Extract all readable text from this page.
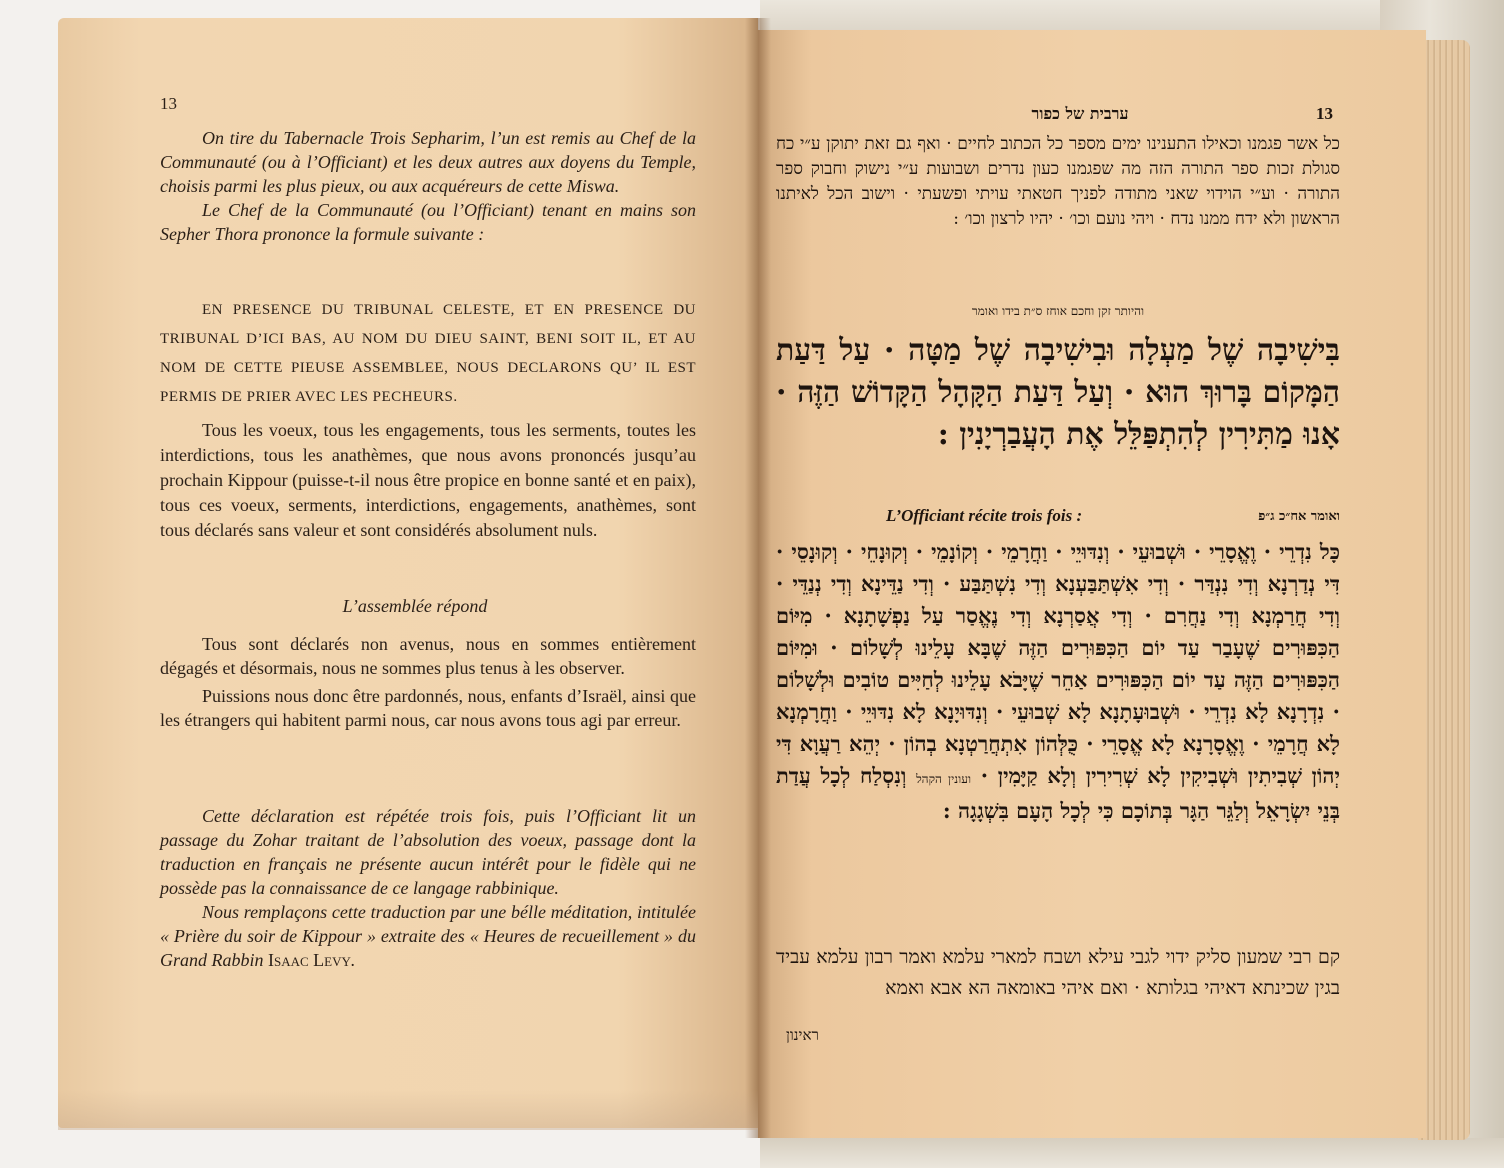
13

On tire du Tabernacle Trois Sepharim, l’un est remis au Chef de la Communauté (ou à l’Officiant) et les deux autres aux doyens du Temple, choisis parmi les plus pieux, ou aux acquéreurs de cette Miswa.

Le Chef de la Communauté (ou l’Officiant) tenant en mains son Sepher Thora prononce la formule suivante :

EN PRESENCE DU TRIBUNAL CELESTE, ET EN PRESENCE DU TRIBUNAL D’ICI BAS, AU NOM DU DIEU SAINT, BENI SOIT IL, ET AU NOM DE CETTE PIEUSE ASSEMBLEE, NOUS DECLARONS QU’ IL EST PERMIS DE PRIER AVEC LES PECHEURS.

Tous les voeux, tous les engagements, tous les serments, toutes les interdictions, tous les anathèmes, que nous avons prononcés jusqu’au prochain Kippour (puisse-t-il nous être propice en bonne santé et en paix), tous ces voeux, serments, interdictions, engagements, anathèmes, sont tous déclarés sans valeur et sont considérés absolument nuls.

L’assemblée répond

Tous sont déclarés non avenus, nous en sommes entièrement dégagés et désormais, nous ne sommes plus tenus à les observer.

Puissions nous donc être pardonnés, nous, enfants d’Israël, ainsi que les étrangers qui habitent parmi nous, car nous avons tous agi par erreur.

Cette déclaration est répétée trois fois, puis l’Officiant lit un passage du Zohar traitant de l’absolution des voeux, passage dont la traduction en français ne présente aucun intérêt pour le fidèle qui ne possède pas la connaissance de ce langage rabbinique.

Nous remplaçons cette traduction par une bélle méditation, intitulée « Prière du soir de Kippour » extraite des « Heures de recueillement » du Grand Rabbin Isaac Levy.

13
ערבית של כפור
כל אשר פגמנו וכאילו התענינו ימים מספר כל הכתוב לחיים · ואף גם זאת יתוקן ע״י כח סגולת זכות ספר התורה הזה מה שפגמנו כעון נדרים ושבועות ע״י נישוק וחבוק ספר התורה · וע״י הוידוי שאני מתודה לפניך חטאתי עויתי ופשעתי · וישוב הכל לאיתנו הראשון ולא ידח ממנו נדח · ויהי נועם וכו׳ · יהיו לרצון וכו׳ :
והיותר זקן וחכם אוחז ס״ת בידו ואומר
בִּישִׁיבָה שֶׁל מַעְלָה וּבִישִׁיבָה שֶׁל מַטָּה · עַל דַּעַת הַמָּקוֹם בָּרוּךְ הוּא · וְעַל דַּעַת הַקָּהָל הַקָּדוֹשׁ הַזֶּה · אָנוּ מַתִּירִין לְהִתְפַּלֵּל אֶת הָעֲבַרְיָנִין :
L’Officiant récite trois fois :	ואומר אח״כ ג״פ
כָּל נִדְרֵי · וֶאֱסָרֵי · וּשְׁבוּעֵי · וְנִדּוּיֵי · וַחֲרָמֵי · וְקוֹנָמֵי · וְקוּנָחֵי · וְקוּנָסֵי · דִּי נְדַרְנָא וְדִי נִנְדַּר · וְדִי אִשְׁתַּבַּעְנָא וְדִי נִשְׁתַּבַּע · וְדִי נַדֵּינָא וְדִי נְנַדֵּי · וְדִי חֲרַמְנָא וְדִי נַחֲרִם · וְדִי אֲסַרְנָא וְדִי נֶאֱסַר עַל נַפְשָׁתָנָא · מִיּוֹם הַכִּפּוּרִים שֶׁעָבַר עַד יוֹם הַכִּפּוּרִים הַזֶּה שֶׁבָּא עָלֵינוּ לְשָׁלוֹם · וּמִיּוֹם הַכִּפּוּרִים הַזֶּה עַד יוֹם הַכִּפּוּרִים אַחֵר שֶׁיָּבֹא עָלֵינוּ לְחַיִּים טוֹבִים וּלְשָׁלוֹם · נִדְרָנָא לָא נִדְרֵי · וּשְׁבוּעָתָנָא לָא שְׁבוּעֵי · וְנִדּוּיָנָא לָא נִדּוּיֵי · וַחֲרָמְנָא לָא חֲרָמֵי · וֶאֱסָרָנָא לָא אֱסָרֵי · כֻּלְּהוֹן אִתְחֲרַטְנָא בְהוֹן · יְהֵא רַעֲוָא דִּי יְהוֹן שְׁבִיתִין וּשְׁבִיקִין לָא שְׁרִירִין וְלָא קַיָּמִין · ועונין הקהל וְנִסְלַח לְכָל עֲדַת בְּנֵי יִשְׂרָאֵל וְלַגֵּר הַגָּר בְּתוֹכָם כִּי לְכָל הָעָם בִּשְׁגָגָה :
קם רבי שמעון סליק ידוי לגבי עילא ושבח למארי עלמא ואמר רבון עלמא עביד בגין שכינתא דאיהי בגלותא · ואם איהי באומאה הא אבא ואמא
ראינון
